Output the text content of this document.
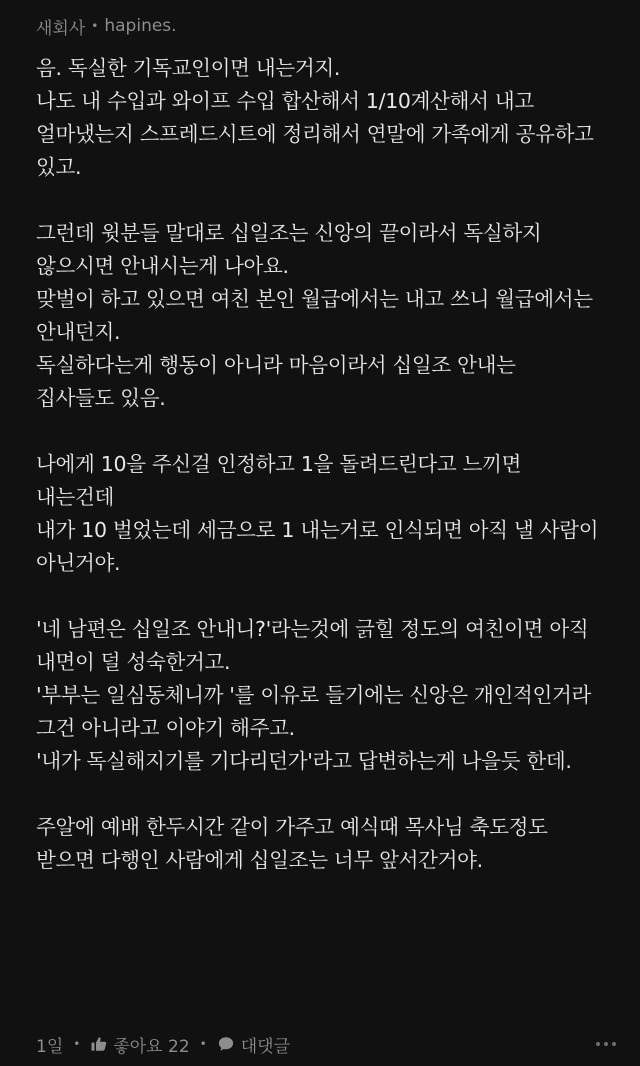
새회사 • hapines.
음. 독실한 기독교인이면 내는거지.
나도 내 수입과 와이프 수입 합산해서 1/10계산해서 내고
얼마냈는지 스프레드시트에 정리해서 연말에 가족에게 공유하고
있고.
그런데 윗분들 말대로 십일조는 신앙의 끝이라서 독실하지
않으시면 안내시는게 나아요.
맞벌이 하고 있으면 여친 본인 월급에서는 내고 쓰니 월급에서는
안내던지.
독실하다는게 행동이 아니라 마음이라서 십일조 안내는
집사들도 있음.
나에게 10을 주신걸 인정하고 1을 돌려드린다고 느끼면
내는건데
내가 10 벌었는데 세금으로 1 내는거로 인식되면 아직 낼 사람이
아닌거야.
'네 남편은 십일조 안내니?'라는것에 긁힐 정도의 여친이면 아직
내면이 덜 성숙한거고.
'부부는 일심동체니까 '를 이유로 들기에는 신앙은 개인적인거라
그건 아니라고 이야기 해주고.
'내가 독실해지기를 기다리던가'라고 답변하는게 나을듯 한데.
주알에 예배 한두시간 같이 가주고 예식때 목사님 축도정도
받으면 다행인 사람에게 십일조는 너무 앞서간거야.
1일 • 좋아요 22 • 대댓글
